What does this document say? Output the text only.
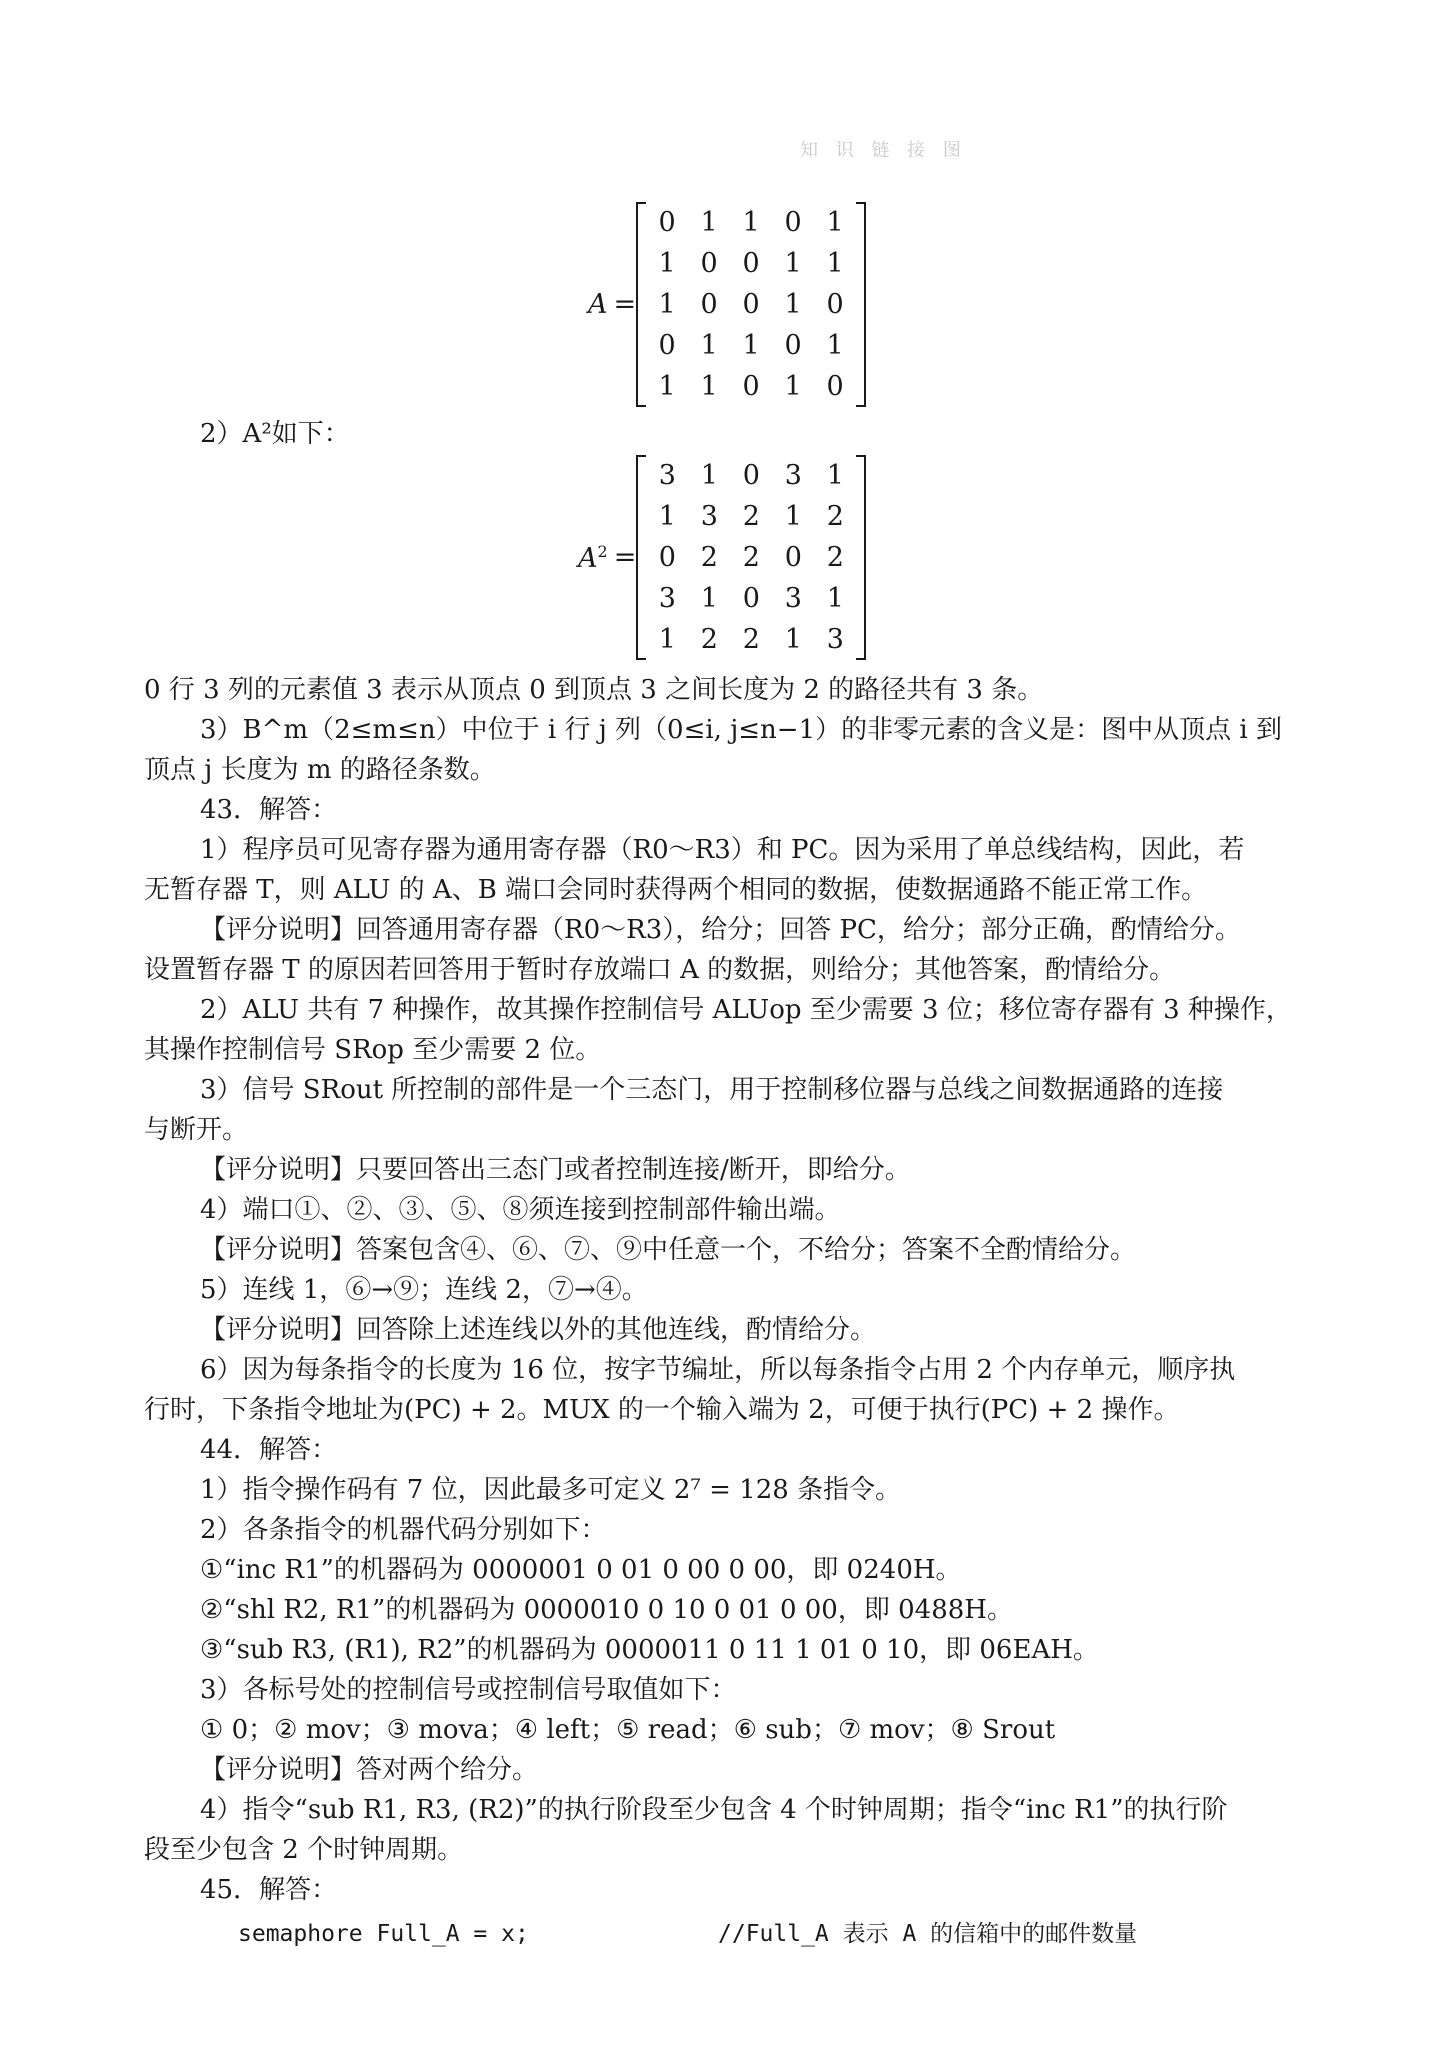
知 识 链 接 图
A =
0	1	1	0	1
1	0	0	1	1
1	0	0	1	0
0	1	1	0	1
1	1	0	1	0
2）A²如下：
$A^2$ =
3	1	0	3	1
1	3	2	1	2
0	2	2	0	2
3	1	0	3	1
1	2	2	1	3
0 行 3 列的元素值 3 表示从顶点 0 到顶点 3 之间长度为 2 的路径共有 3 条。
3）B^m（2≤m≤n）中位于 i 行 j 列（0≤i, j≤n−1）的非零元素的含义是：图中从顶点 i 到
顶点 j 长度为 m 的路径条数。
43．解答：
1）程序员可见寄存器为通用寄存器（R0～R3）和 PC。因为采用了单总线结构，因此，若
无暂存器 T，则 ALU 的 A、B 端口会同时获得两个相同的数据，使数据通路不能正常工作。
【评分说明】回答通用寄存器（R0～R3），给分；回答 PC，给分；部分正确，酌情给分。
设置暂存器 T 的原因若回答用于暂时存放端口 A 的数据，则给分；其他答案，酌情给分。
2）ALU 共有 7 种操作，故其操作控制信号 ALUop 至少需要 3 位；移位寄存器有 3 种操作，
其操作控制信号 SRop 至少需要 2 位。
3）信号 SRout 所控制的部件是一个三态门，用于控制移位器与总线之间数据通路的连接
与断开。
【评分说明】只要回答出三态门或者控制连接/断开，即给分。
4）端口①、②、③、⑤、⑧须连接到控制部件输出端。
【评分说明】答案包含④、⑥、⑦、⑨中任意一个，不给分；答案不全酌情给分。
5）连线 1，⑥→⑨；连线 2，⑦→④。
【评分说明】回答除上述连线以外的其他连线，酌情给分。
6）因为每条指令的长度为 16 位，按字节编址，所以每条指令占用 2 个内存单元，顺序执
行时，下条指令地址为(PC) + 2。MUX 的一个输入端为 2，可便于执行(PC) + 2 操作。
44．解答：
1）指令操作码有 7 位，因此最多可定义 2⁷ = 128 条指令。
2）各条指令的机器代码分别如下：
①“inc R1”的机器码为 0000001 0 01 0 00 0 00，即 0240H。
②“shl R2, R1”的机器码为 0000010 0 10 0 01 0 00，即 0488H。
③“sub R3, (R1), R2”的机器码为 0000011 0 11 1 01 0 10，即 06EAH。
3）各标号处的控制信号或控制信号取值如下：
① 0；② mov；③ mova；④ left；⑤ read；⑥ sub；⑦ mov；⑧ Srout
【评分说明】答对两个给分。
4）指令“sub R1, R3, (R2)”的执行阶段至少包含 4 个时钟周期；指令“inc R1”的执行阶
段至少包含 2 个时钟周期。
45．解答：
semaphore Full_A = x;	//Full_A 表示 A 的信箱中的邮件数量
